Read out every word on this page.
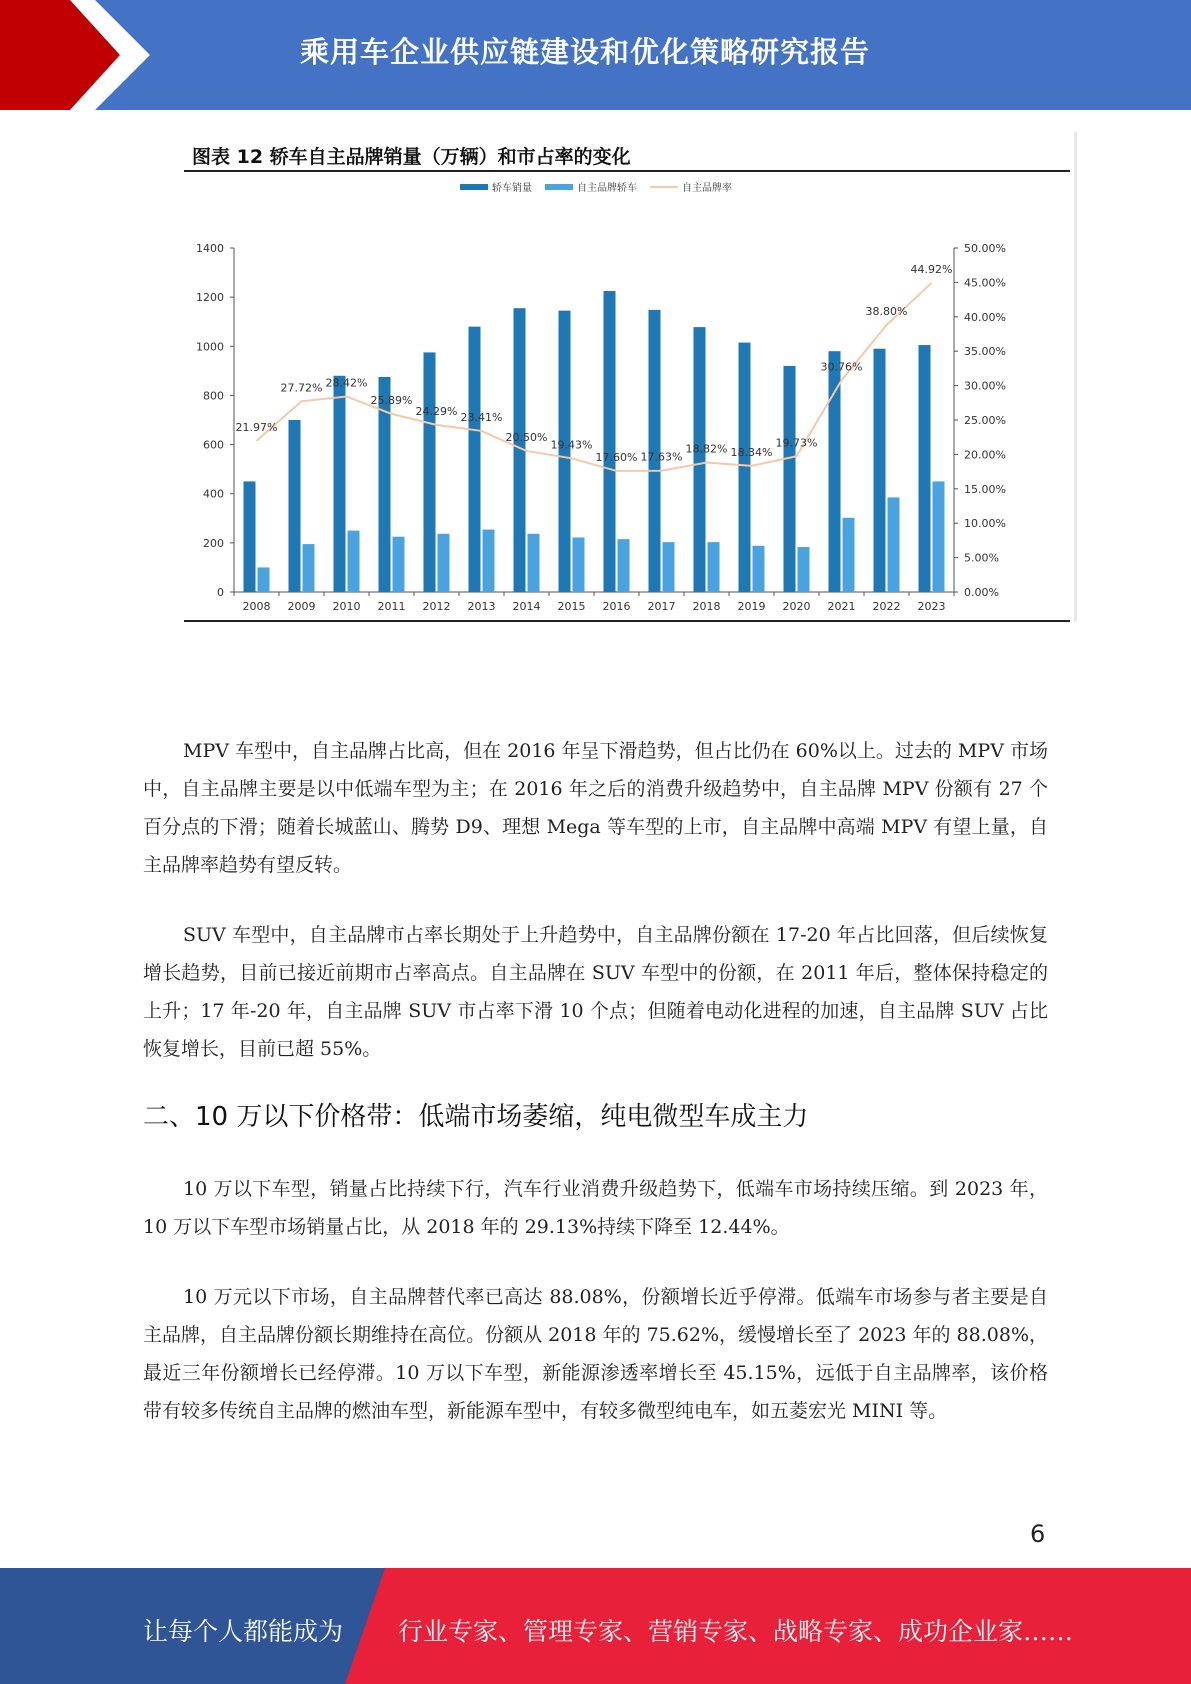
乘用车企业供应链建设和优化策略研究报告
图表 12 轿车自主品牌销量（万辆）和市占率的变化
0
200
400
600
800
1000
1200
1400
0.00%
5.00%
10.00%
15.00%
20.00%
25.00%
30.00%
35.00%
40.00%
45.00%
50.00%
2008 2009 2010 2011 2012 2013 2014 2015 2016 2017 2018 2019 2020 2021 2022 2023
21.97%
27.72% 28.42%
25.89%
24.29% 23.41%
20.50%
19.43%
17.60% 17.63%
18.82% 18.34%
19.73%
30.76%
38.80%
44.92%
轿车销量	自主品牌轿车	自主品牌率

MPV 车型中，自主品牌占比高，但在 2016 年呈下滑趋势，但占比仍在 60%以上。过去的 MPV 市场中，自主品牌主要是以中低端车型为主；在 2016 年之后的消费升级趋势中，自主品牌 MPV 份额有 27 个百分点的下滑；随着长城蓝山、腾势 D9、理想 Mega 等车型的上市，自主品牌中高端 MPV 有望上量，自主品牌率趋势有望反转。

SUV 车型中，自主品牌市占率长期处于上升趋势中，自主品牌份额在 17-20 年占比回落，但后续恢复增长趋势，目前已接近前期市占率高点。自主品牌在 SUV 车型中的份额，在 2011 年后，整体保持稳定的上升；17 年-20 年，自主品牌 SUV 市占率下滑 10 个点；但随着电动化进程的加速，自主品牌 SUV 占比恢复增长，目前已超 55%。

二、10 万以下价格带：低端市场萎缩，纯电微型车成主力

10 万以下车型，销量占比持续下行，汽车行业消费升级趋势下，低端车市场持续压缩。到 2023 年，10 万以下车型市场销量占比，从 2018 年的 29.13%持续下降至 12.44%。

10 万元以下市场，自主品牌替代率已高达 88.08%，份额增长近乎停滞。低端车市场参与者主要是自主品牌，自主品牌份额长期维持在高位。份额从 2018 年的 75.62%，缓慢增长至了 2023 年的 88.08%，最近三年份额增长已经停滞。10 万以下车型，新能源渗透率增长至 45.15%，远低于自主品牌率，该价格带有较多传统自主品牌的燃油车型，新能源车型中，有较多微型纯电车，如五菱宏光 MINI 等。

6
让每个人都能成为 行业专家、管理专家、营销专家、战略专家、成功企业家……
